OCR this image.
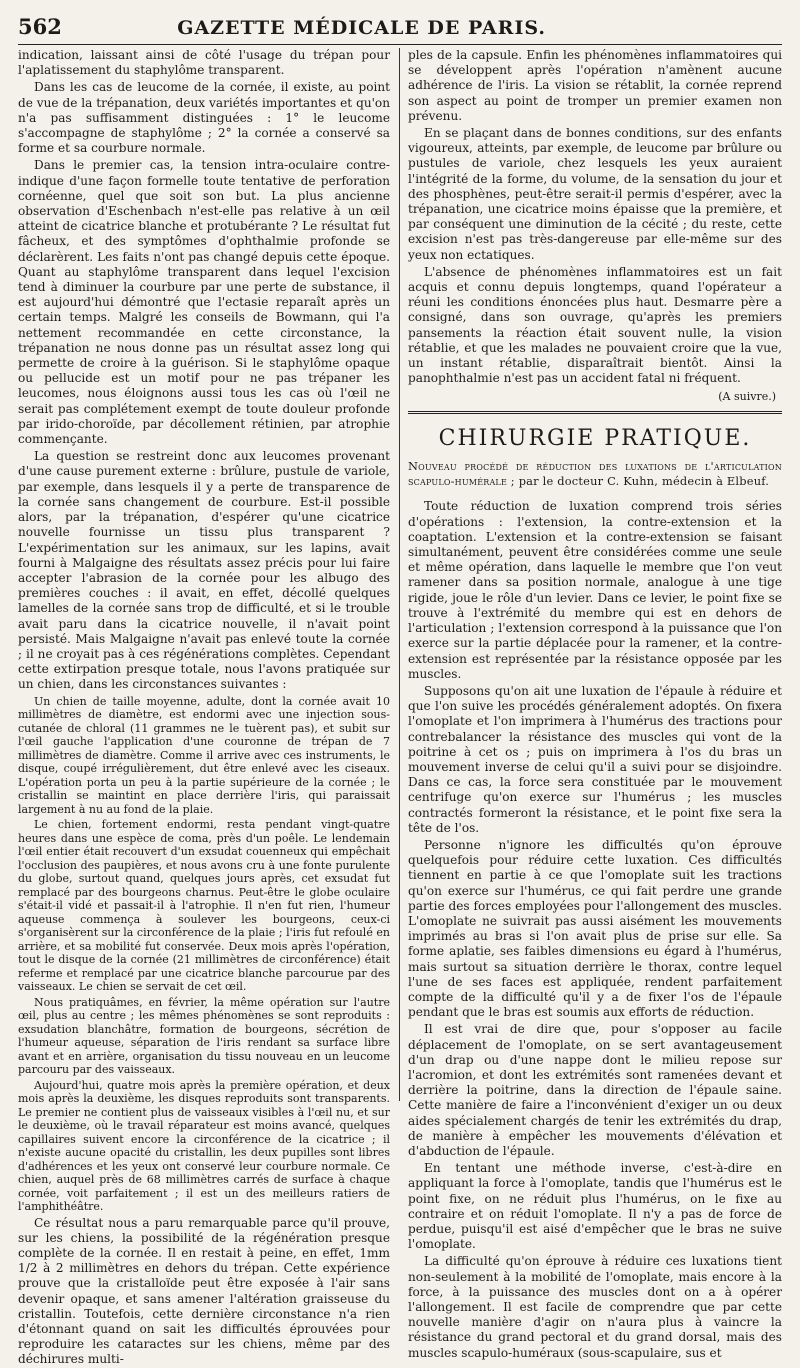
562	GAZETTE MÉDICALE DE PARIS.

indication, laissant ainsi de côté l'usage du trépan pour l'aplatissement du staphylôme transparent.

Dans les cas de leucome de la cornée, il existe, au point de vue de la trépanation, deux variétés importantes et qu'on n'a pas suffisamment distinguées : 1° le leucome s'accompagne de staphylôme ; 2° la cornée a conservé sa forme et sa courbure normale.

Dans le premier cas, la tension intra-oculaire contre-indique d'une façon formelle toute tentative de perforation cornéenne, quel que soit son but. La plus ancienne observation d'Eschenbach n'est-elle pas relative à un œil atteint de cicatrice blanche et protubérante ? Le résultat fut fâcheux, et des symptômes d'ophthalmie profonde se déclarèrent. Les faits n'ont pas changé depuis cette époque. Quant au staphylôme transparent dans lequel l'excision tend à diminuer la courbure par une perte de substance, il est aujourd'hui démontré que l'ectasie reparaît après un certain temps. Malgré les conseils de Bowmann, qui l'a nettement recommandée en cette circonstance, la trépanation ne nous donne pas un résultat assez long qui permette de croire à la guérison. Si le staphylôme opaque ou pellucide est un motif pour ne pas trépaner les leucomes, nous éloignons aussi tous les cas où l'œil ne serait pas complétement exempt de toute douleur profonde par irido-choroïde, par décollement rétinien, par atrophie commençante.

La question se restreint donc aux leucomes provenant d'une cause purement externe : brûlure, pustule de variole, par exemple, dans lesquels il y a perte de transparence de la cornée sans changement de courbure. Est-il possible alors, par la trépanation, d'espérer qu'une cicatrice nouvelle fournisse un tissu plus transparent ? L'expérimentation sur les animaux, sur les lapins, avait fourni à Malgaigne des résultats assez précis pour lui faire accepter l'abrasion de la cornée pour les albugo des premières couches : il avait, en effet, décollé quelques lamelles de la cornée sans trop de difficulté, et si le trouble avait paru dans la cicatrice nouvelle, il n'avait point persisté. Mais Malgaigne n'avait pas enlevé toute la cornée ; il ne croyait pas à ces régénérations complètes. Cependant cette extirpation presque totale, nous l'avons pratiquée sur un chien, dans les circonstances suivantes :

Un chien de taille moyenne, adulte, dont la cornée avait 10 millimètres de diamètre, est endormi avec une injection sous-cutanée de chloral (11 grammes ne le tuèrent pas), et subit sur l'œil gauche l'application d'une couronne de trépan de 7 millimètres de diamètre. Comme il arrive avec ces instruments, le disque, coupé irrégulièrement, dut être enlevé avec les ciseaux. L'opération porta un peu à la partie supérieure de la cornée ; le cristallin se maintint en place derrière l'iris, qui paraissait largement à nu au fond de la plaie.

Le chien, fortement endormi, resta pendant vingt-quatre heures dans une espèce de coma, près d'un poêle. Le lendemain l'œil entier était recouvert d'un exsudat couenneux qui empêchait l'occlusion des paupières, et nous avons cru à une fonte purulente du globe, surtout quand, quelques jours après, cet exsudat fut remplacé par des bourgeons charnus. Peut-être le globe oculaire s'était-il vidé et passait-il à l'atrophie. Il n'en fut rien, l'humeur aqueuse commença à soulever les bourgeons, ceux-ci s'organisèrent sur la circonférence de la plaie ; l'iris fut refoulé en arrière, et sa mobilité fut conservée. Deux mois après l'opération, tout le disque de la cornée (21 millimètres de circonférence) était referme et remplacé par une cicatrice blanche parcourue par des vaisseaux. Le chien se servait de cet œil.

Nous pratiquâmes, en février, la même opération sur l'autre œil, plus au centre ; les mêmes phénomènes se sont reproduits : exsudation blanchâtre, formation de bourgeons, sécrétion de l'humeur aqueuse, séparation de l'iris rendant sa surface libre avant et en arrière, organisation du tissu nouveau en un leucome parcouru par des vaisseaux.

Aujourd'hui, quatre mois après la première opération, et deux mois après la deuxième, les disques reproduits sont transparents. Le premier ne contient plus de vaisseaux visibles à l'œil nu, et sur le deuxième, où le travail réparateur est moins avancé, quelques capillaires suivent encore la circonférence de la cicatrice ; il n'existe aucune opacité du cristallin, les deux pupilles sont libres d'adhérences et les yeux ont conservé leur courbure normale. Ce chien, auquel près de 68 millimètres carrés de surface à chaque cornée, voit parfaitement ; il est un des meilleurs ratiers de l'amphithéâtre.

Ce résultat nous a paru remarquable parce qu'il prouve, sur les chiens, la possibilité de la régénération presque complète de la cornée. Il en restait à peine, en effet, 1mm 1/2 à 2 millimètres en dehors du trépan. Cette expérience prouve que la cristalloïde peut être exposée à l'air sans devenir opaque, et sans amener l'altération graisseuse du cristallin. Toutefois, cette dernière circonstance n'a rien d'étonnant quand on sait les difficultés éprouvées pour reproduire les cataractes sur les chiens, même par des déchirures multi-

ples de la capsule. Enfin les phénomènes inflammatoires qui se développent après l'opération n'amènent aucune adhérence de l'iris. La vision se rétablit, la cornée reprend son aspect au point de tromper un premier examen non prévenu.

En se plaçant dans de bonnes conditions, sur des enfants vigoureux, atteints, par exemple, de leucome par brûlure ou pustules de variole, chez lesquels les yeux auraient l'intégrité de la forme, du volume, de la sensation du jour et des phosphènes, peut-être serait-il permis d'espérer, avec la trépanation, une cicatrice moins épaisse que la première, et par conséquent une diminution de la cécité ; du reste, cette excision n'est pas très-dangereuse par elle-même sur des yeux non ectatiques.

L'absence de phénomènes inflammatoires est un fait acquis et connu depuis longtemps, quand l'opérateur a réuni les conditions énoncées plus haut. Desmarre père a consigné, dans son ouvrage, qu'après les premiers pansements la réaction était souvent nulle, la vision rétablie, et que les malades ne pouvaient croire que la vue, un instant rétablie, disparaîtrait bientôt. Ainsi la panophthalmie n'est pas un accident fatal ni fréquent.

(A suivre.)
CHIRURGIE PRATIQUE.

Nouveau procédé de réduction des luxations de l'articulation scapulo-humérale ; par le docteur C. Kuhn, médecin à Elbeuf.

Toute réduction de luxation comprend trois séries d'opérations : l'extension, la contre-extension et la coaptation. L'extension et la contre-extension se faisant simultanément, peuvent être considérées comme une seule et même opération, dans laquelle le membre que l'on veut ramener dans sa position normale, analogue à une tige rigide, joue le rôle d'un levier. Dans ce levier, le point fixe se trouve à l'extrémité du membre qui est en dehors de l'articulation ; l'extension correspond à la puissance que l'on exerce sur la partie déplacée pour la ramener, et la contre-extension est représentée par la résistance opposée par les muscles.

Supposons qu'on ait une luxation de l'épaule à réduire et que l'on suive les procédés généralement adoptés. On fixera l'omoplate et l'on imprimera à l'humérus des tractions pour contrebalancer la résistance des muscles qui vont de la poitrine à cet os ; puis on imprimera à l'os du bras un mouvement inverse de celui qu'il a suivi pour se disjoindre. Dans ce cas, la force sera constituée par le mouvement centrifuge qu'on exerce sur l'humérus ; les muscles contractés formeront la résistance, et le point fixe sera la tête de l'os.

Personne n'ignore les difficultés qu'on éprouve quelquefois pour réduire cette luxation. Ces difficultés tiennent en partie à ce que l'omoplate suit les tractions qu'on exerce sur l'humérus, ce qui fait perdre une grande partie des forces employées pour l'allongement des muscles. L'omoplate ne suivrait pas aussi aisément les mouvements imprimés au bras si l'on avait plus de prise sur elle. Sa forme aplatie, ses faibles dimensions eu égard à l'humérus, mais surtout sa situation derrière le thorax, contre lequel l'une de ses faces est appliquée, rendent parfaitement compte de la difficulté qu'il y a de fixer l'os de l'épaule pendant que le bras est soumis aux efforts de réduction.

Il est vrai de dire que, pour s'opposer au facile déplacement de l'omoplate, on se sert avantageusement d'un drap ou d'une nappe dont le milieu repose sur l'acromion, et dont les extrémités sont ramenées devant et derrière la poitrine, dans la direction de l'épaule saine. Cette manière de faire a l'inconvénient d'exiger un ou deux aides spécialement chargés de tenir les extrémités du drap, de manière à empêcher les mouvements d'élévation et d'abduction de l'épaule.

En tentant une méthode inverse, c'est-à-dire en appliquant la force à l'omoplate, tandis que l'humérus est le point fixe, on ne réduit plus l'humérus, on le fixe au contraire et on réduit l'omoplate. Il n'y a pas de force de perdue, puisqu'il est aisé d'empêcher que le bras ne suive l'omoplate.

La difficulté qu'on éprouve à réduire ces luxations tient non-seulement à la mobilité de l'omoplate, mais encore à la force, à la puissance des muscles dont on a à opérer l'allongement. Il est facile de comprendre que par cette nouvelle manière d'agir on n'aura plus à vaincre la résistance du grand pectoral et du grand dorsal, mais des muscles scapulo-huméraux (sous-scapulaire, sus et
